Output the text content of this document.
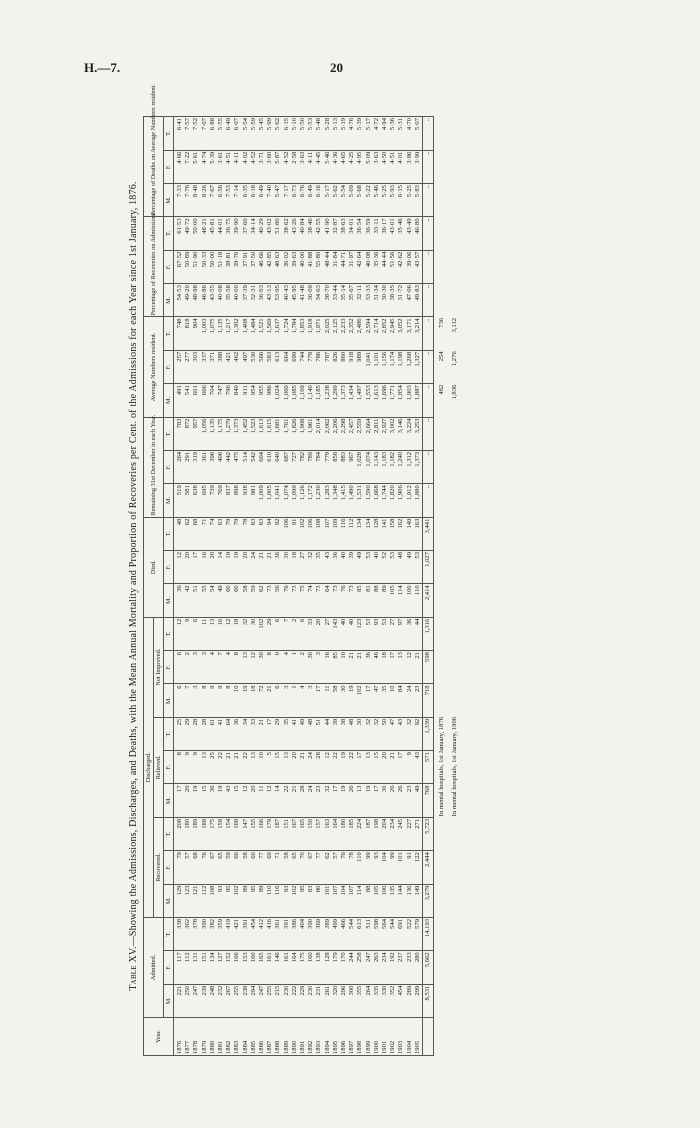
H.—7.	20
Table XV.—Showing the Admissions, Discharges, and Deaths, with the Mean Annual Mortality and Proportion of Recoveries per Cent. of the Admissions for each Year since 1st January, 1876.
Year.	Admitted.			Discharged.									Died.			Remaining 31st December in each Year.			Average Numbers resident.			Percentage of Recoveries on Admissions.			Percentage of Deaths on Average Numbers resident.		
				Recovered.			Relieved.			Not Improved.																	
	M.	F.	T.	M.	F.	T.	M.	F.	T.	M.	F.	T.	M.	F.	T.	M.	F.	T.	M.	F.	T.	M.	F.	T.	M.	F.	T.
1876	221	117	338	129	79	208	17	8	25	6	6	12	36	12	48	519	264	783	491	257	748	54·53	67·52	61·53	7·33	4·66	6·41
1877	250	112	362	123	57	180	20	9	29	7	2	9	42	20	62	581	291	872	541	277	818	49·20	50·89	49·72	7·76	7·22	7·57
1878	247	131	378	121	68	189	19	9	28	3	3	6	51	17	68	638	319	957	601	303	904	48·98	51·90	50·00	8·48	5·61	7·52
1879	239	151	390	112	76	188	15	13	28	8	3	11	55	16	71	695	361	1,056	666	337	1,003	46·86	50·33	48·21	8·26	4·74	7·07
1880	248	134	382	108	67	175	36	25	61	9	4	13	54	20	74	739	396	1,135	704	371	1,075	43·55	50·00	45·81	7·67	5·39	6·88
1881	232	127	359	93	65	158	19	22	41	9	7	16	49	14	63	769	406	1,175	747	388	1,135	40·08	51·18	44·01	6·56	3·61	5·55
1882	267	152	419	95	59	154	43	21	64	8	4	12	60	19	79	837	442	1,279	796	421	1,217	35·58	38·81	36·75	7·53	4·51	6·49
1883	255	166	421	102	66	168	15	21	36	10	8	18	60	19	79	898	475	1,373	840	462	1,302	40·00	39·76	39·90	7·14	4·11	6·07
1884	238	153	391	89	58	147	12	22	34	19	13	32	58	20	78	938	514	1,452	911	497	1,408	37·39	37·91	37·60	6·35	4·02	5·54
1885	294	160	454	95	60	155	20	13	33	18	12	30	59	24	83	981	542	1,523	954	530	1,484	32·31	37·50	34·14	6·18	4·52	5·59
1886	247	165	412	89	77	166	11	10	21	72	30	102	62	21	83	1,009	604	1,613	955	566	1,521	36·03	46·66	40·29	6·49	3·71	5·45
1887	255	161	416	110	69	179	12	5	17	21	8	29	73	21	94	1,005	610	1,615	986	583	1,569	43·13	42·85	43·02	7·40	3·60	5·99
1888	215	146	361	116	71	187	14	15	29	6	0	6	56	36	92	1,041	640	1,681	1,024	613	1,637	53·95	48·63	51·80	5·47	5·87	5·62
1889	230	161	391	93	58	151	22	13	35	3	4	7	76	30	106	1,074	687	1,761	1,060	664	1,724	40·43	36·02	38·62	7·17	4·52	6·15
1890	222	164	386	102	65	167	21	20	41	1	1	2	73	18	91	1,099	727	1,826	1,085	699	1,784	45·95	39·63	43·26	6·73	2·58	5·10
1891	229	175	404	95	70	165	28	21	49	4	2	6	75	27	102	1,126	782	1,908	1,109	744	1,853	41·48	40·00	40·84	6·76	3·63	5·50
1892	230	160	390	83	67	150	24	24	48	3	30	33	74	32	106	1,172	789	1,961	1,140	778	1,918	36·09	41·88	38·46	6·49	4·11	5·53
1893	231	138	369	80	77	157	23	28	51	17	3	20	73	35	108	1,230	784	2,014	1,185	786	1,971	34·63	55·80	42·55	6·16	4·45	5·48
1894	261	128	389	101	62	163	32	12	44	11	16	27	64	43	107	1,283	779	2,062	1,238	787	2,025	38·70	48·44	41·90	5·17	5·46	5·28
1895	320	179	499	107	57	164	17	22	39	58	85	143	73	36	109	1,348	858	2,206	1,299	826	2,125	33·44	31·84	32·87	5·62	4·36	5·13
1896	296	170	466	104	76	180	19	19	38	30	10	40	76	40	116	1,415	883	2,298	1,373	860	2,233	35·14	44·71	38·63	5·54	4·65	5·19
1897	300	244	544	107	78	185	26	22	48	19	21	40	73	39	112	1,490	967	2,457	1,434	918	2,352	35·67	31·97	34·01	5·09	4·25	4·76
1898	355	258	613	114	110	224	13	17	30	102	21	123	85	49	134	1,531	1,028	2,559	1,497	989	2,486	32·11	42·64	36·54	5·68	4·95	5·39
1899	264	247	511	88	99	187	19	13	32	17	36	53	81	53	134	1,590	1,074	2,664	1,553	1,041	2,594	33·33	40·08	36·59	5·22	5·09	5·17
1900	335	263	598	105	93	198	17	15	32	47	46	93	88	40	128	1,668	1,143	2,811	1,613	1,101	2,714	31·34	35·36	33·11	5·46	3·63	4·72
1901	330	234	564	100	104	204	30	20	50	35	18	53	89	52	141	1,744	1,183	2,927	1,696	1,156	2,852	30·30	44·44	36·17	5·25	4·50	4·94
1902	352	192	544	135	99	234	26	21	47	10	17	27	105	53	158	1,820	1,182	3,002	1,771	1,174	2,945	38·35	51·56	43·01	5·93	4·51	5·36
1903	454	237	691	144	101	245	26	17	43	84	13	97	114	48	162	1,906	1,240	3,146	1,854	1,198	3,052	31·72	42·62	35·46	6·15	4·01	5·31
1904	289	233	522	136	91	227	23	9	32	24	12	36	100	49	149	1,912	1,312	3,224	1,903	1,268	3,171	47·06	39·06	43·49	5·25	3·86	4·70
1905	299	280	579	149	122	271	49	43	92	23	21	44	110	53	163	1,880	1,373	3,253	1,887	1,327	3,214	49·83	43·57	46·80	5·83	3·99	5·07
	8,531	5,662	14,193	3,279	2,444	5,723	768	571	1,339	718	598	1,316	2,414	1,027	3,441	..	..	..	..	..	..	..	..	..	..	..	..
							In mental hospitals, 1st January, 1876												482	254	736						
							In mental hospitals, 1st January, 1906												1,836	1,276	3,112						
